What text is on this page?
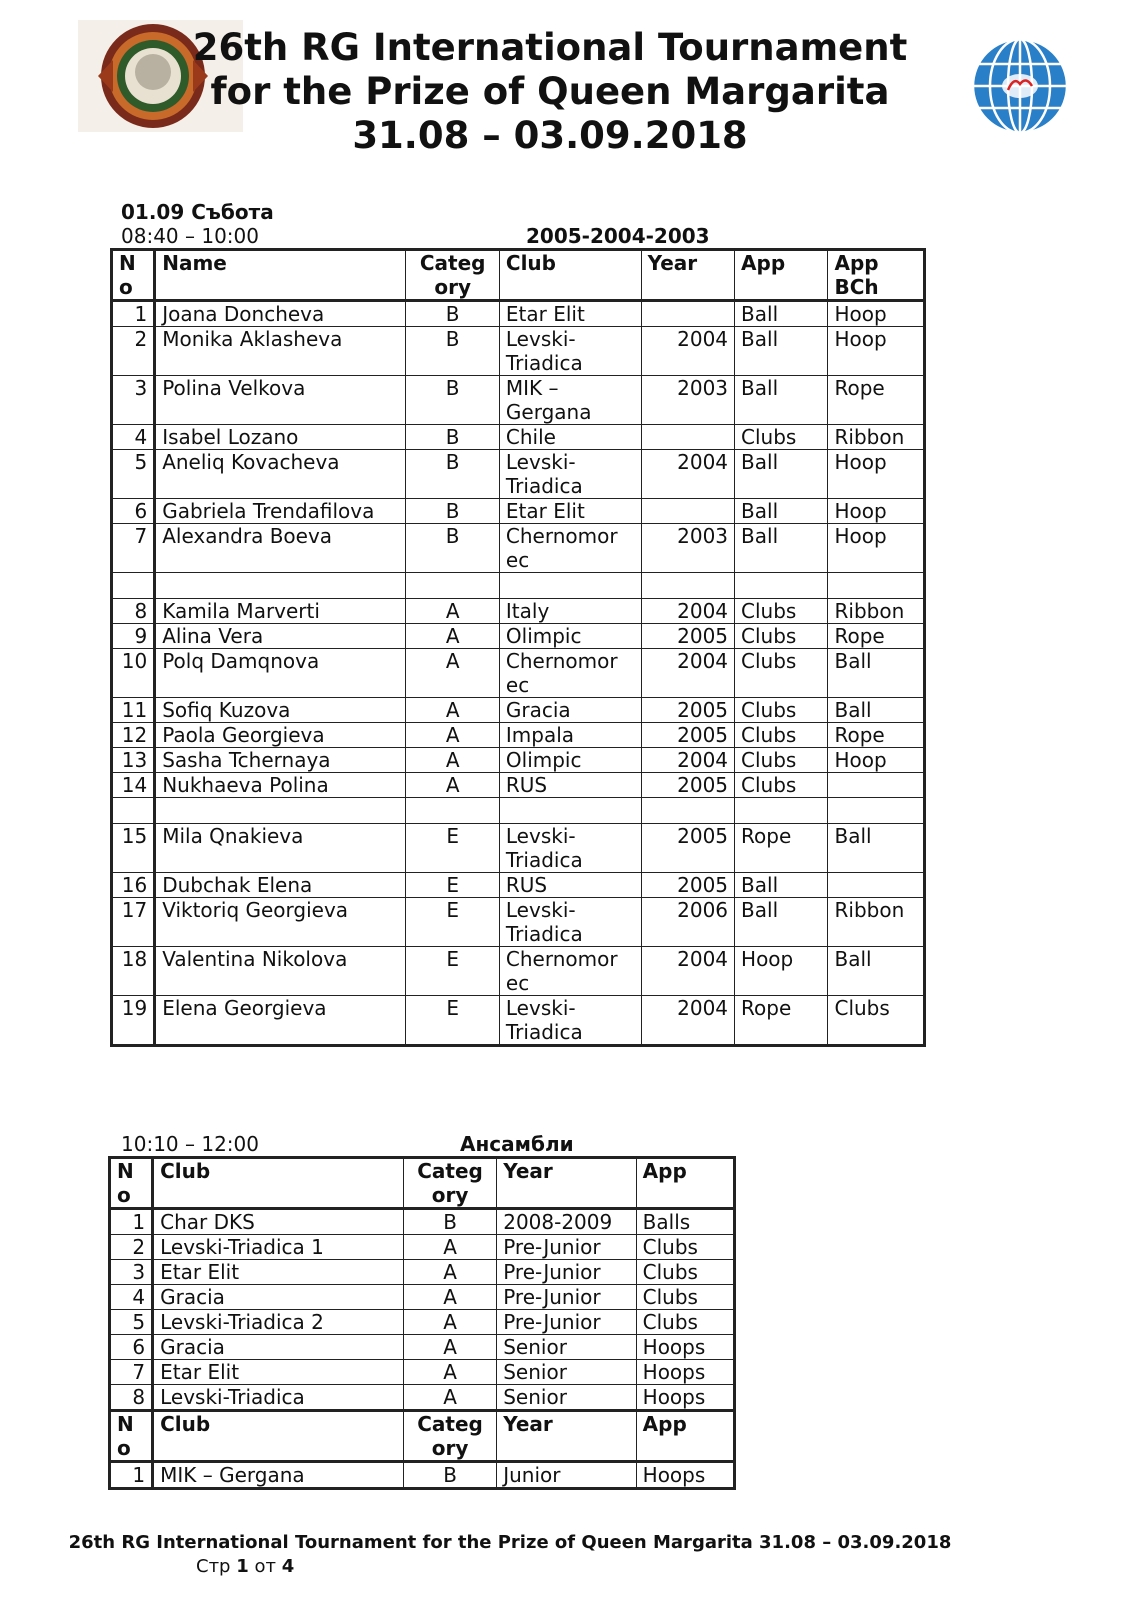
26th RG International Tournament
for the Prize of Queen Margarita
31.08 – 03.09.2018
01.09 Събота
08:40 – 10:00	2005-2004-2003
N
o	Name	Categ
ory	Club	Year	App	App
BCh
1	Joana Doncheva	B	Etar Elit		Ball	Hoop
2	Monika Aklasheva	B	Levski-
Triadica	2004	Ball	Hoop
3	Polina Velkova	B	MIK –
Gergana	2003	Ball	Rope
4	Isabel Lozano	B	Chile		Clubs	Ribbon
5	Aneliq Kovacheva	B	Levski-
Triadica	2004	Ball	Hoop
6	Gabriela Trendafilova	B	Etar Elit		Ball	Hoop
7	Alexandra Boeva	B	Chernomor
ec	2003	Ball	Hoop

8	Kamila Marverti	A	Italy	2004	Clubs	Ribbon
9	Alina Vera	A	Olimpic	2005	Clubs	Rope
10	Polq Damqnova	A	Chernomor
ec	2004	Clubs	Ball
11	Sofiq Kuzova	A	Gracia	2005	Clubs	Ball
12	Paola Georgieva	A	Impala	2005	Clubs	Rope
13	Sasha Tchernaya	A	Olimpic	2004	Clubs	Hoop
14	Nukhaeva Polina	A	RUS	2005	Clubs	

15	Mila Qnakieva	E	Levski-
Triadica	2005	Rope	Ball
16	Dubchak Elena	E	RUS	2005	Ball	
17	Viktoriq Georgieva	E	Levski-
Triadica	2006	Ball	Ribbon
18	Valentina Nikolova	E	Chernomor
ec	2004	Hoop	Ball
19	Elena Georgieva	E	Levski-
Triadica	2004	Rope	Clubs
10:10 – 12:00	Ансамбли
N
o	Club	Categ
ory	Year	App
1	Char DKS	B	2008-2009	Balls
2	Levski-Triadica 1	A	Pre-Junior	Clubs
3	Etar Elit	A	Pre-Junior	Clubs
4	Gracia	A	Pre-Junior	Clubs
5	Levski-Triadica 2	A	Pre-Junior	Clubs
6	Gracia	A	Senior	Hoops
7	Etar Elit	A	Senior	Hoops
8	Levski-Triadica	A	Senior	Hoops
N
o	Club	Categ
ory	Year	App
1	MIK – Gergana	B	Junior	Hoops
26th RG International Tournament for the Prize of Queen Margarita 31.08 – 03.09.2018
Стр 1 от 4
